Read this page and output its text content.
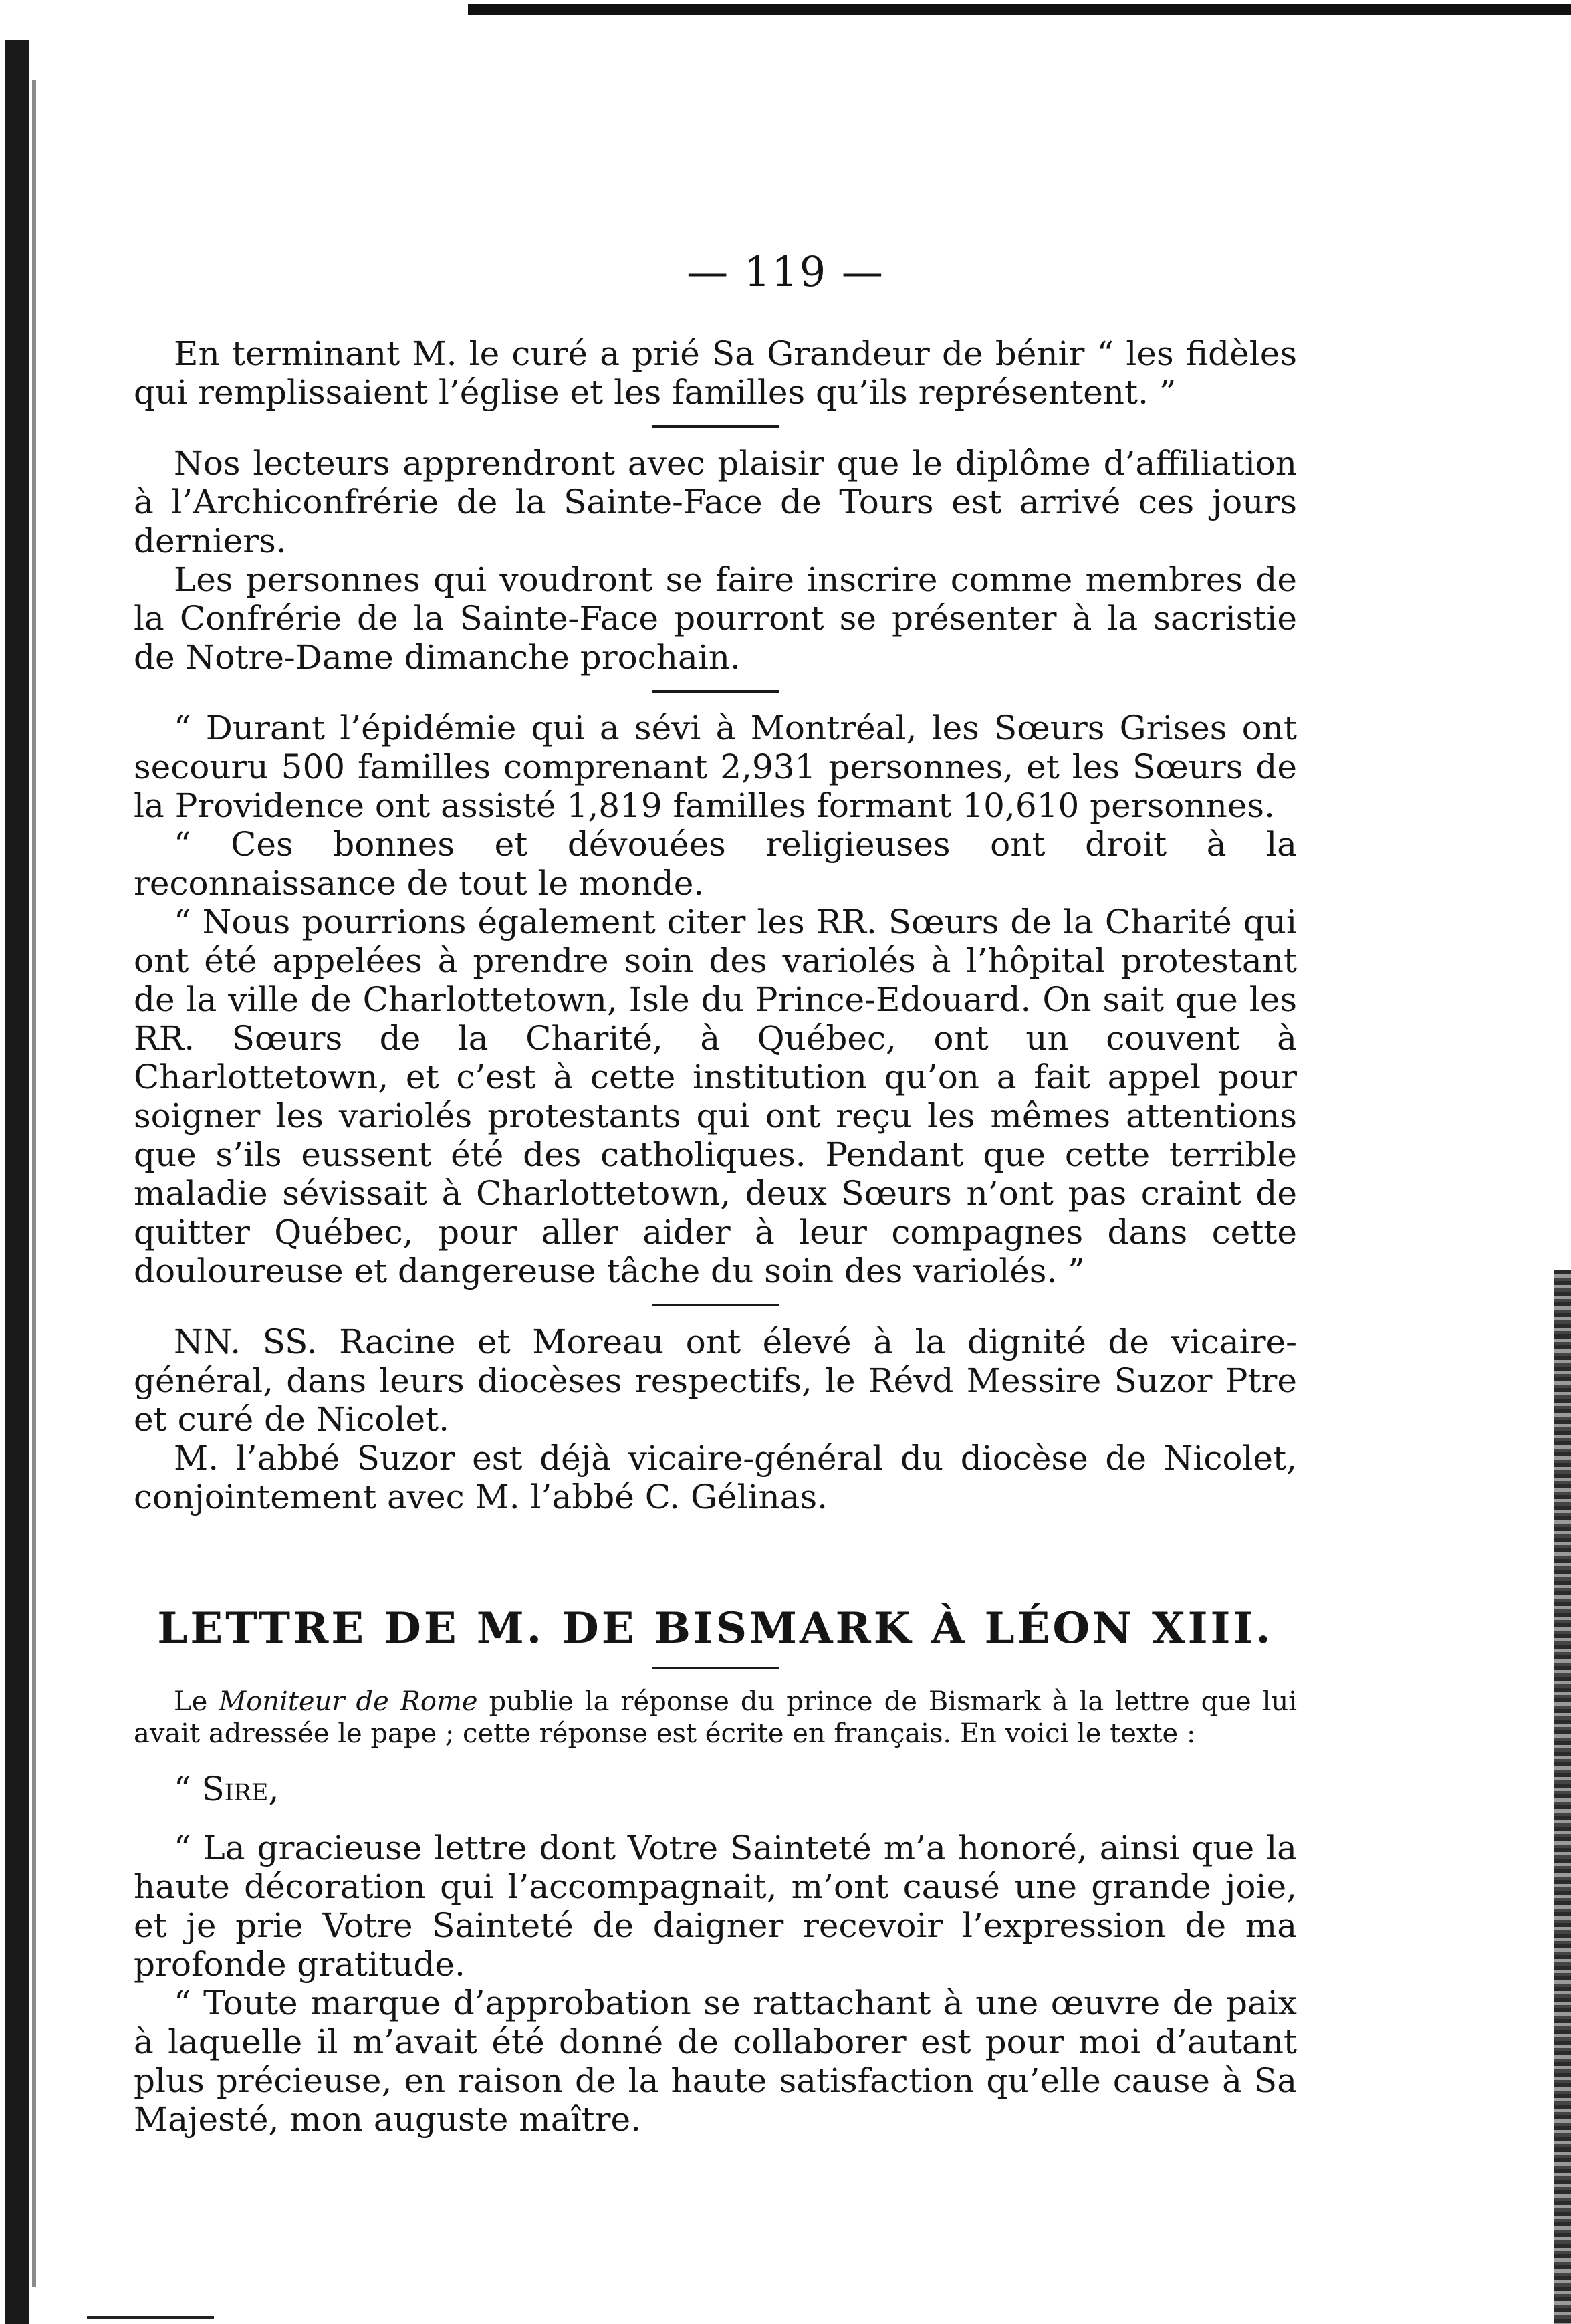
— 119 —

En terminant M. le curé a prié Sa Grandeur de bénir “ les fidèles qui remplissaient l’église et les familles qu’ils représentent. ”

Nos lecteurs apprendront avec plaisir que le diplôme d’affiliation à l’Archiconfrérie de la Sainte-Face de Tours est arrivé ces jours derniers.

Les personnes qui voudront se faire inscrire comme membres de la Confrérie de la Sainte-Face pourront se présenter à la sacristie de Notre-Dame dimanche prochain.

“ Durant l’épidémie qui a sévi à Montréal, les Sœurs Grises ont secouru 500 familles comprenant 2,931 personnes, et les Sœurs de la Providence ont assisté 1,819 familles formant 10,610 personnes.

“ Ces bonnes et dévouées religieuses ont droit à la reconnaissance de tout le monde.

“ Nous pourrions également citer les RR. Sœurs de la Charité qui ont été appelées à prendre soin des variolés à l’hôpital protestant de la ville de Charlottetown, Isle du Prince-Edouard. On sait que les RR. Sœurs de la Charité, à Québec, ont un couvent à Charlottetown, et c’est à cette institution qu’on a fait appel pour soigner les variolés protestants qui ont reçu les mêmes attentions que s’ils eussent été des catholiques. Pendant que cette terrible maladie sévissait à Charlottetown, deux Sœurs n’ont pas craint de quitter Québec, pour aller aider à leur compagnes dans cette douloureuse et dangereuse tâche du soin des variolés. ”

NN. SS. Racine et Moreau ont élevé à la dignité de vicaire-général, dans leurs diocèses respectifs, le Révd Messire Suzor Ptre et curé de Nicolet.

M. l’abbé Suzor est déjà vicaire-général du diocèse de Nicolet, conjointement avec M. l’abbé C. Gélinas.

LETTRE DE M. DE BISMARK À LÉON XIII.

Le Moniteur de Rome publie la réponse du prince de Bismark à la lettre que lui avait adressée le pape ; cette réponse est écrite en français. En voici le texte :

“ Sire,

“ La gracieuse lettre dont Votre Sainteté m’a honoré, ainsi que la haute décoration qui l’accompagnait, m’ont causé une grande joie, et je prie Votre Sainteté de daigner recevoir l’expression de ma profonde gratitude.

“ Toute marque d’approbation se rattachant à une œuvre de paix à laquelle il m’avait été donné de collaborer est pour moi d’autant plus précieuse, en raison de la haute satisfaction qu’elle cause à Sa Majesté, mon auguste maître.
